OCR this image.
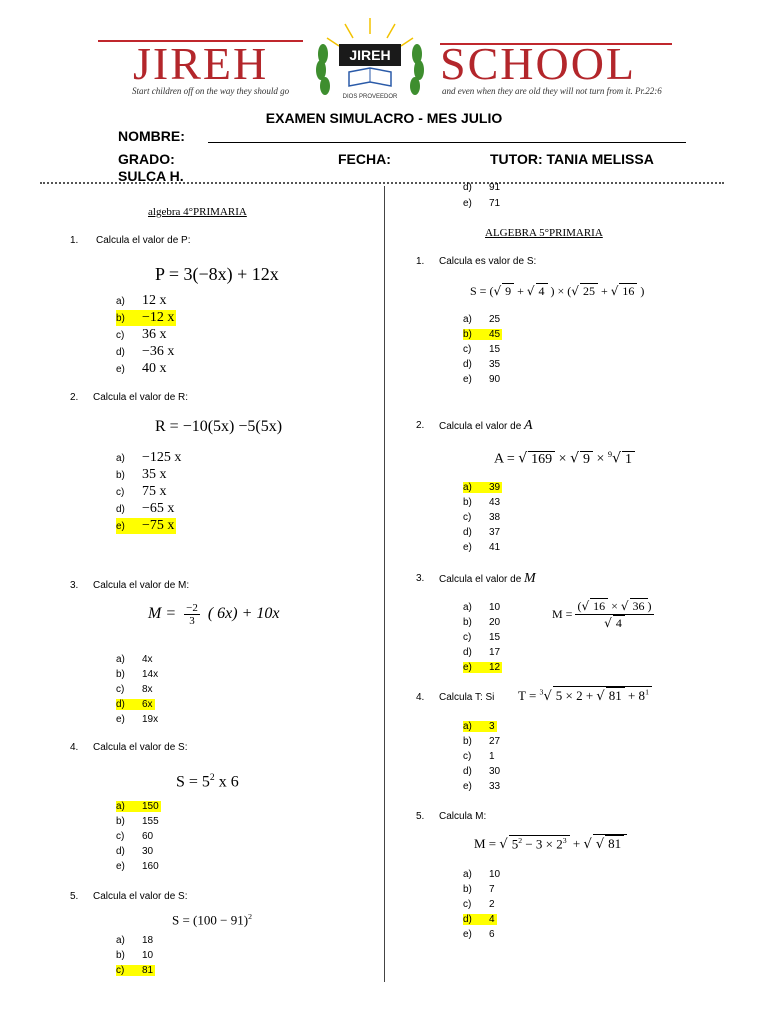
JIREH	SCHOOL
Start children off on the way they should go	and even when they are old they will not turn from it. Pr.22:6
JIREH
DIOS PROVEEDOR
EXAMEN SIMULACRO - MES JULIO
NOMBRE:
GRADO:	FECHA:	TUTOR: TANIA MELISSA
SULCA H.
algebra 4°PRIMARIA
1. Calcula el valor de P:
P = 3(−8x) + 12x
a) 12 x
b) −12 x
c) 36 x
d) −36 x
e) 40 x
2. Calcula el valor de R:
R = −10(5x) −5(5x)
a) −125 x
b) 35 x
c) 75 x
d) −65 x
e) −75 x
3. Calcula el valor de M:
$M = \frac{-2}{3}$ ( 6x) + 10x
a) 4x
b) 14x
c) 8x
d) 6x
e) 19x
4. Calcula el valor de S:
$S = 5^2$ x 6
a) 150
b) 155
c) 60
d) 30
e) 160
5. Calcula el valor de S:
$S = (100 - 91)^2$
a) 18
b) 10
c) 81
d) 91
e) 71
ALGEBRA 5°PRIMARIA
1. Calcula es valor de S:
S = (√ 9 + √ 4 ) × (√ 25 + √ 16 )
a) 25
b) 45
c) 15
d) 35
e) 90
2. Calcula el valor de A
A = √ 169 × √ 9 × $^9$√ 1
a) 39
b) 43
c) 38
d) 37
e) 41
3. Calcula el valor de M
$M = \frac{(√ 16 \times √ 36 )}{√ 4}$
a) 10
b) 20
c) 15
d) 17
e) 12
4. Calcula T: Si T = $^3$√ 5 × 2 + √ $81 + 8^1$
a) 3
b) 27
c) 1
d) 30
e) 33
5. Calcula M:
M = √ $5^2 - 3 \times 2^3$ + √ √ 81
a) 10
b) 7
c) 2
d) 4
e) 6
